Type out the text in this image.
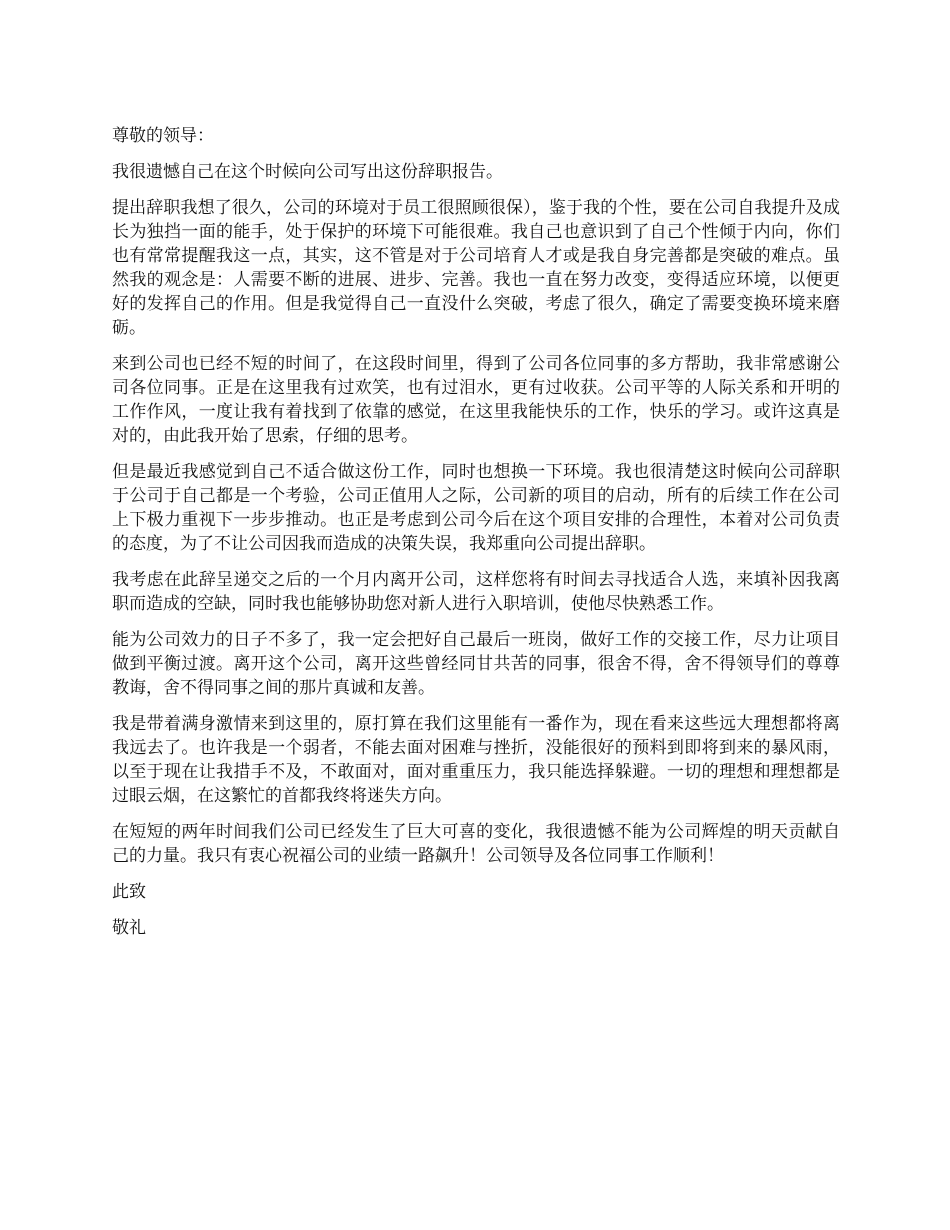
尊敬的领导：

我很遗憾自己在这个时候向公司写出这份辞职报告。

提出辞职我想了很久，公司的环境对于员工很照顾很保），鉴于我的个性，要在公司自我提升及成长为独挡一面的能手，处于保护的环境下可能很难。我自己也意识到了自己个性倾于内向，你们也有常常提醒我这一点，其实，这不管是对于公司培育人才或是我自身完善都是突破的难点。虽然我的观念是：人需要不断的进展、进步、完善。我也一直在努力改变，变得适应环境，以便更好的发挥自己的作用。但是我觉得自己一直没什么突破，考虑了很久，确定了需要变换环境来磨砺。

来到公司也已经不短的时间了，在这段时间里，得到了公司各位同事的多方帮助，我非常感谢公司各位同事。正是在这里我有过欢笑，也有过泪水，更有过收获。公司平等的人际关系和开明的工作作风，一度让我有着找到了依靠的感觉，在这里我能快乐的工作，快乐的学习。或许这真是对的，由此我开始了思索，仔细的思考。

但是最近我感觉到自己不适合做这份工作，同时也想换一下环境。我也很清楚这时候向公司辞职于公司于自己都是一个考验，公司正值用人之际，公司新的项目的启动，所有的后续工作在公司上下极力重视下一步步推动。也正是考虑到公司今后在这个项目安排的合理性，本着对公司负责的态度，为了不让公司因我而造成的决策失误，我郑重向公司提出辞职。

我考虑在此辞呈递交之后的一个月内离开公司，这样您将有时间去寻找适合人选，来填补因我离职而造成的空缺，同时我也能够协助您对新人进行入职培训，使他尽快熟悉工作。

能为公司效力的日子不多了，我一定会把好自己最后一班岗，做好工作的交接工作，尽力让项目做到平衡过渡。离开这个公司，离开这些曾经同甘共苦的同事，很舍不得，舍不得领导们的尊尊教诲，舍不得同事之间的那片真诚和友善。

我是带着满身激情来到这里的，原打算在我们这里能有一番作为，现在看来这些远大理想都将离我远去了。也许我是一个弱者，不能去面对困难与挫折，没能很好的预料到即将到来的暴风雨，以至于现在让我措手不及，不敢面对，面对重重压力，我只能选择躲避。一切的理想和理想都是过眼云烟，在这繁忙的首都我终将迷失方向。

在短短的两年时间我们公司已经发生了巨大可喜的变化，我很遗憾不能为公司辉煌的明天贡献自己的力量。我只有衷心祝福公司的业绩一路飙升！公司领导及各位同事工作顺利！

此致

敬礼
